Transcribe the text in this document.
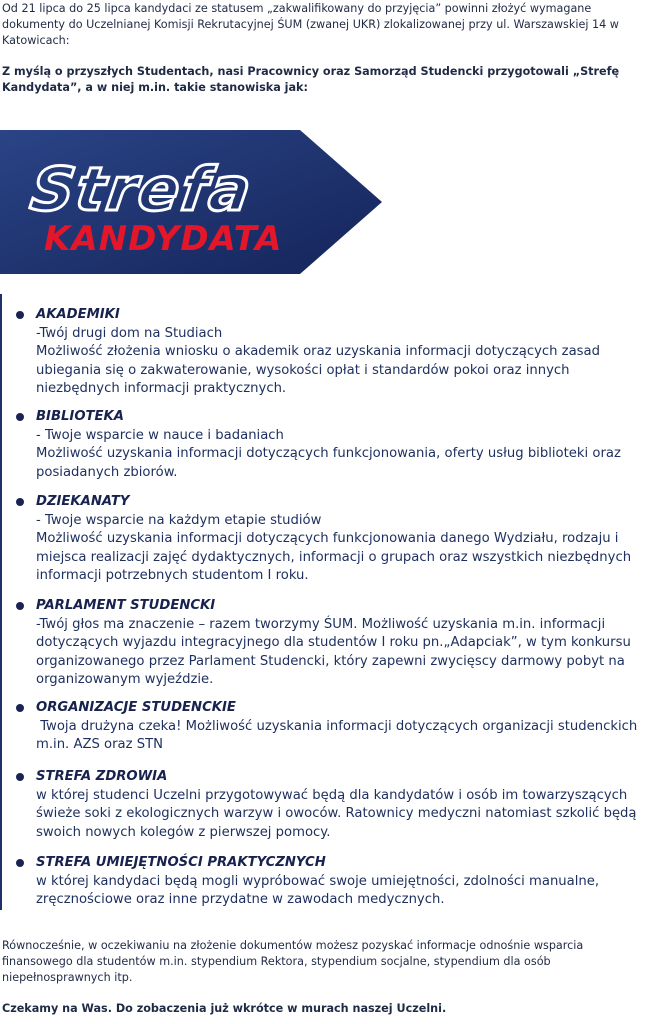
Od 21 lipca do 25 lipca kandydaci ze statusem „zakwalifikowany do przyjęcia” powinni złożyć wymagane dokumenty do Uczelnianej Komisji Rekrutacyjnej ŚUM (zwanej UKR) zlokalizowanej przy ul. Warszawskiej 14 w Katowicach:

Z myślą o przyszłych Studentach, nasi Pracownicy oraz Samorząd Studencki przygotowali „Strefę Kandydata”, a w niej m.in. takie stanowiska jak:

Strefa
KANDYDATA
AKADEMIKI
-Twój drugi dom na Studiach
Możliwość złożenia wniosku o akademik oraz uzyskania informacji dotyczących zasad ubiegania się o zakwaterowanie, wysokości opłat i standardów pokoi oraz innych niezbędnych informacji praktycznych.
BIBLIOTEKA
- Twoje wsparcie w nauce i badaniach
Możliwość uzyskania informacji dotyczących funkcjonowania, oferty usług biblioteki oraz posiadanych zbiorów.
DZIEKANATY
- Twoje wsparcie na każdym etapie studiów
Możliwość uzyskania informacji dotyczących funkcjonowania danego Wydziału, rodzaju i miejsca realizacji zajęć dydaktycznych, informacji o grupach oraz wszystkich niezbędnych informacji potrzebnych studentom I roku.
PARLAMENT STUDENCKI
-Twój głos ma znaczenie – razem tworzymy ŚUM. Możliwość uzyskania m.in. informacji dotyczących wyjazdu integracyjnego dla studentów I roku pn.„Adapciak”, w tym konkursu organizowanego przez Parlament Studencki, który zapewni zwycięscy darmowy pobyt na organizowanym wyjeździe.
ORGANIZACJE STUDENCKIE
Twoja drużyna czeka! Możliwość uzyskania informacji dotyczących organizacji studenckich m.in. AZS oraz STN
STREFA ZDROWIA
w której studenci Uczelni przygotowywać będą dla kandydatów i osób im towarzyszących świeże soki z ekologicznych warzyw i owoców. Ratownicy medyczni natomiast szkolić będą swoich nowych kolegów z pierwszej pomocy.
STREFA UMIEJĘTNOŚCI PRAKTYCZNYCH
w której kandydaci będą mogli wypróbować swoje umiejętności, zdolności manualne, zręcznościowe oraz inne przydatne w zawodach medycznych.

Równocześnie, w oczekiwaniu na złożenie dokumentów możesz pozyskać informacje odnośnie wsparcia finansowego dla studentów m.in. stypendium Rektora, stypendium socjalne, stypendium dla osób niepełnosprawnych itp.

Czekamy na Was. Do zobaczenia już wkrótce w murach naszej Uczelni.
